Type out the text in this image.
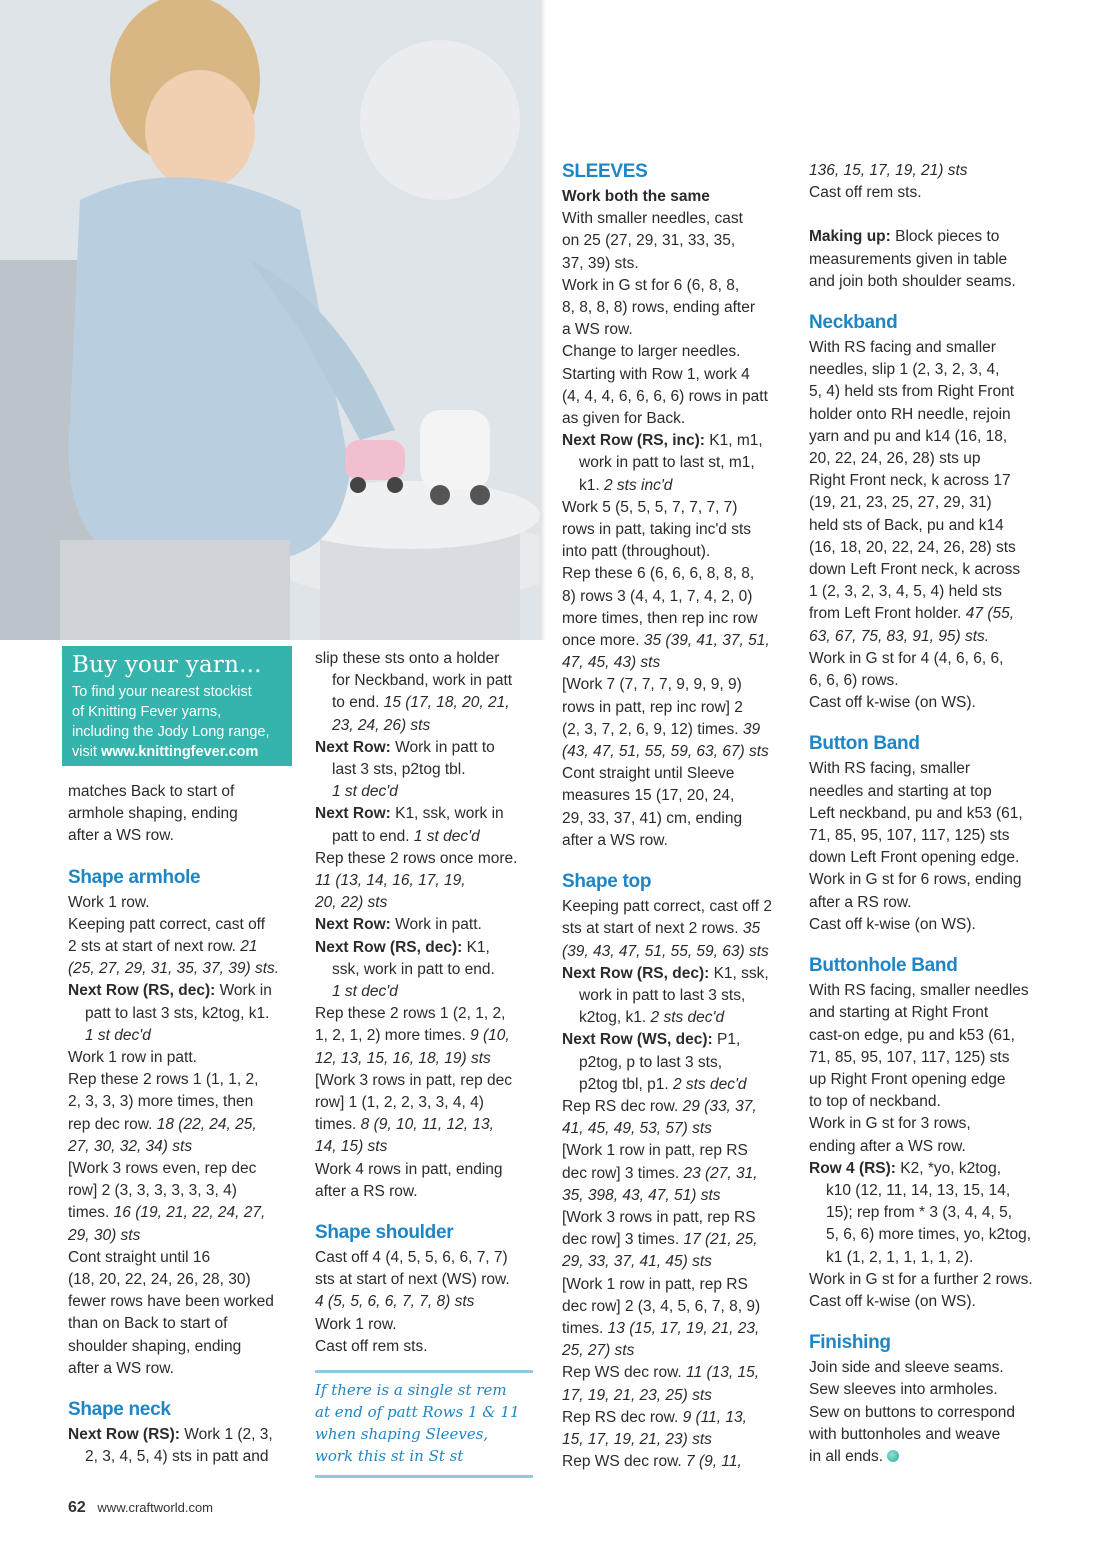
Buy your yarn...
To find your nearest stockist
of Knitting Fever yarns,
including the Jody Long range,
visit www.knittingfever.com

matches Back to start of

armhole shaping, ending

after a WS row.

Shape armhole

Work 1 row.

Keeping patt correct, cast off

2 sts at start of next row. 21

(25, 27, 29, 31, 35, 37, 39) sts.

Next Row (RS, dec): Work in

patt to last 3 sts, k2tog, k1.

1 st dec'd

Work 1 row in patt.

Rep these 2 rows 1 (1, 1, 2,

2, 3, 3, 3) more times, then

rep dec row. 18 (22, 24, 25,

27, 30, 32, 34) sts

[Work 3 rows even, rep dec

row] 2 (3, 3, 3, 3, 3, 3, 4)

times. 16 (19, 21, 22, 24, 27,

29, 30) sts

Cont straight until 16

(18, 20, 22, 24, 26, 28, 30)

fewer rows have been worked

than on Back to start of

shoulder shaping, ending

after a WS row.

Shape neck

Next Row (RS): Work 1 (2, 3,

2, 3, 4, 5, 4) sts in patt and

slip these sts onto a holder

for Neckband, work in patt

to end. 15 (17, 18, 20, 21,

23, 24, 26) sts

Next Row: Work in patt to

last 3 sts, p2tog tbl.

1 st dec'd

Next Row: K1, ssk, work in

patt to end. 1 st dec'd

Rep these 2 rows once more.

11 (13, 14, 16, 17, 19,

20, 22) sts

Next Row: Work in patt.

Next Row (RS, dec): K1,

ssk, work in patt to end.

1 st dec'd

Rep these 2 rows 1 (2, 1, 2,

1, 2, 1, 2) more times. 9 (10,

12, 13, 15, 16, 18, 19) sts

[Work 3 rows in patt, rep dec

row] 1 (1, 2, 2, 3, 3, 4, 4)

times. 8 (9, 10, 11, 12, 13,

14, 15) sts

Work 4 rows in patt, ending

after a RS row.

Shape shoulder

Cast off 4 (4, 5, 5, 6, 6, 7, 7)

sts at start of next (WS) row.

4 (5, 5, 6, 6, 7, 7, 8) sts

Work 1 row.

Cast off rem sts.

If there is a single st rem

at end of patt Rows 1 & 11

when shaping Sleeves,

work this st in St st

SLEEVES

Work both the same

With smaller needles, cast

on 25 (27, 29, 31, 33, 35,

37, 39) sts.

Work in G st for 6 (6, 8, 8,

8, 8, 8, 8) rows, ending after

a WS row.

Change to larger needles.

Starting with Row 1, work 4

(4, 4, 4, 6, 6, 6, 6) rows in patt

as given for Back.

Next Row (RS, inc): K1, m1,

work in patt to last st, m1,

k1. 2 sts inc'd

Work 5 (5, 5, 5, 7, 7, 7, 7)

rows in patt, taking inc'd sts

into patt (throughout).

Rep these 6 (6, 6, 6, 8, 8, 8,

8) rows 3 (4, 4, 1, 7, 4, 2, 0)

more times, then rep inc row

once more. 35 (39, 41, 37, 51,

47, 45, 43) sts

[Work 7 (7, 7, 7, 9, 9, 9, 9)

rows in patt, rep inc row] 2

(2, 3, 7, 2, 6, 9, 12) times. 39

(43, 47, 51, 55, 59, 63, 67) sts

Cont straight until Sleeve

measures 15 (17, 20, 24,

29, 33, 37, 41) cm, ending

after a WS row.

Shape top

Keeping patt correct, cast off 2

sts at start of next 2 rows. 35

(39, 43, 47, 51, 55, 59, 63) sts

Next Row (RS, dec): K1, ssk,

work in patt to last 3 sts,

k2tog, k1. 2 sts dec'd

Next Row (WS, dec): P1,

p2tog, p to last 3 sts,

p2tog tbl, p1. 2 sts dec'd

Rep RS dec row. 29 (33, 37,

41, 45, 49, 53, 57) sts

[Work 1 row in patt, rep RS

dec row] 3 times. 23 (27, 31,

35, 398, 43, 47, 51) sts

[Work 3 rows in patt, rep RS

dec row] 3 times. 17 (21, 25,

29, 33, 37, 41, 45) sts

[Work 1 row in patt, rep RS

dec row] 2 (3, 4, 5, 6, 7, 8, 9)

times. 13 (15, 17, 19, 21, 23,

25, 27) sts

Rep WS dec row. 11 (13, 15,

17, 19, 21, 23, 25) sts

Rep RS dec row. 9 (11, 13,

15, 17, 19, 21, 23) sts

Rep WS dec row. 7 (9, 11,

136, 15, 17, 19, 21) sts

Cast off rem sts.

Making up: Block pieces to

measurements given in table

and join both shoulder seams.

Neckband

With RS facing and smaller

needles, slip 1 (2, 3, 2, 3, 4,

5, 4) held sts from Right Front

holder onto RH needle, rejoin

yarn and pu and k14 (16, 18,

20, 22, 24, 26, 28) sts up

Right Front neck, k across 17

(19, 21, 23, 25, 27, 29, 31)

held sts of Back, pu and k14

(16, 18, 20, 22, 24, 26, 28) sts

down Left Front neck, k across

1 (2, 3, 2, 3, 4, 5, 4) held sts

from Left Front holder. 47 (55,

63, 67, 75, 83, 91, 95) sts.

Work in G st for 4 (4, 6, 6, 6,

6, 6, 6) rows.

Cast off k-wise (on WS).

Button Band

With RS facing, smaller

needles and starting at top

Left neckband, pu and k53 (61,

71, 85, 95, 107, 117, 125) sts

down Left Front opening edge.

Work in G st for 6 rows, ending

after a RS row.

Cast off k-wise (on WS).

Buttonhole Band

With RS facing, smaller needles

and starting at Right Front

cast-on edge, pu and k53 (61,

71, 85, 95, 107, 117, 125) sts

up Right Front opening edge

to top of neckband.

Work in G st for 3 rows,

ending after a WS row.

Row 4 (RS): K2, *yo, k2tog,

k10 (12, 11, 14, 13, 15, 14,

15); rep from * 3 (3, 4, 4, 5,

5, 6, 6) more times, yo, k2tog,

k1 (1, 2, 1, 1, 1, 1, 2).

Work in G st for a further 2 rows.

Cast off k-wise (on WS).

Finishing

Join side and sleeve seams.

Sew sleeves into armholes.

Sew on buttons to correspond

with buttonholes and weave

in all ends.

62 www.craftworld.com
